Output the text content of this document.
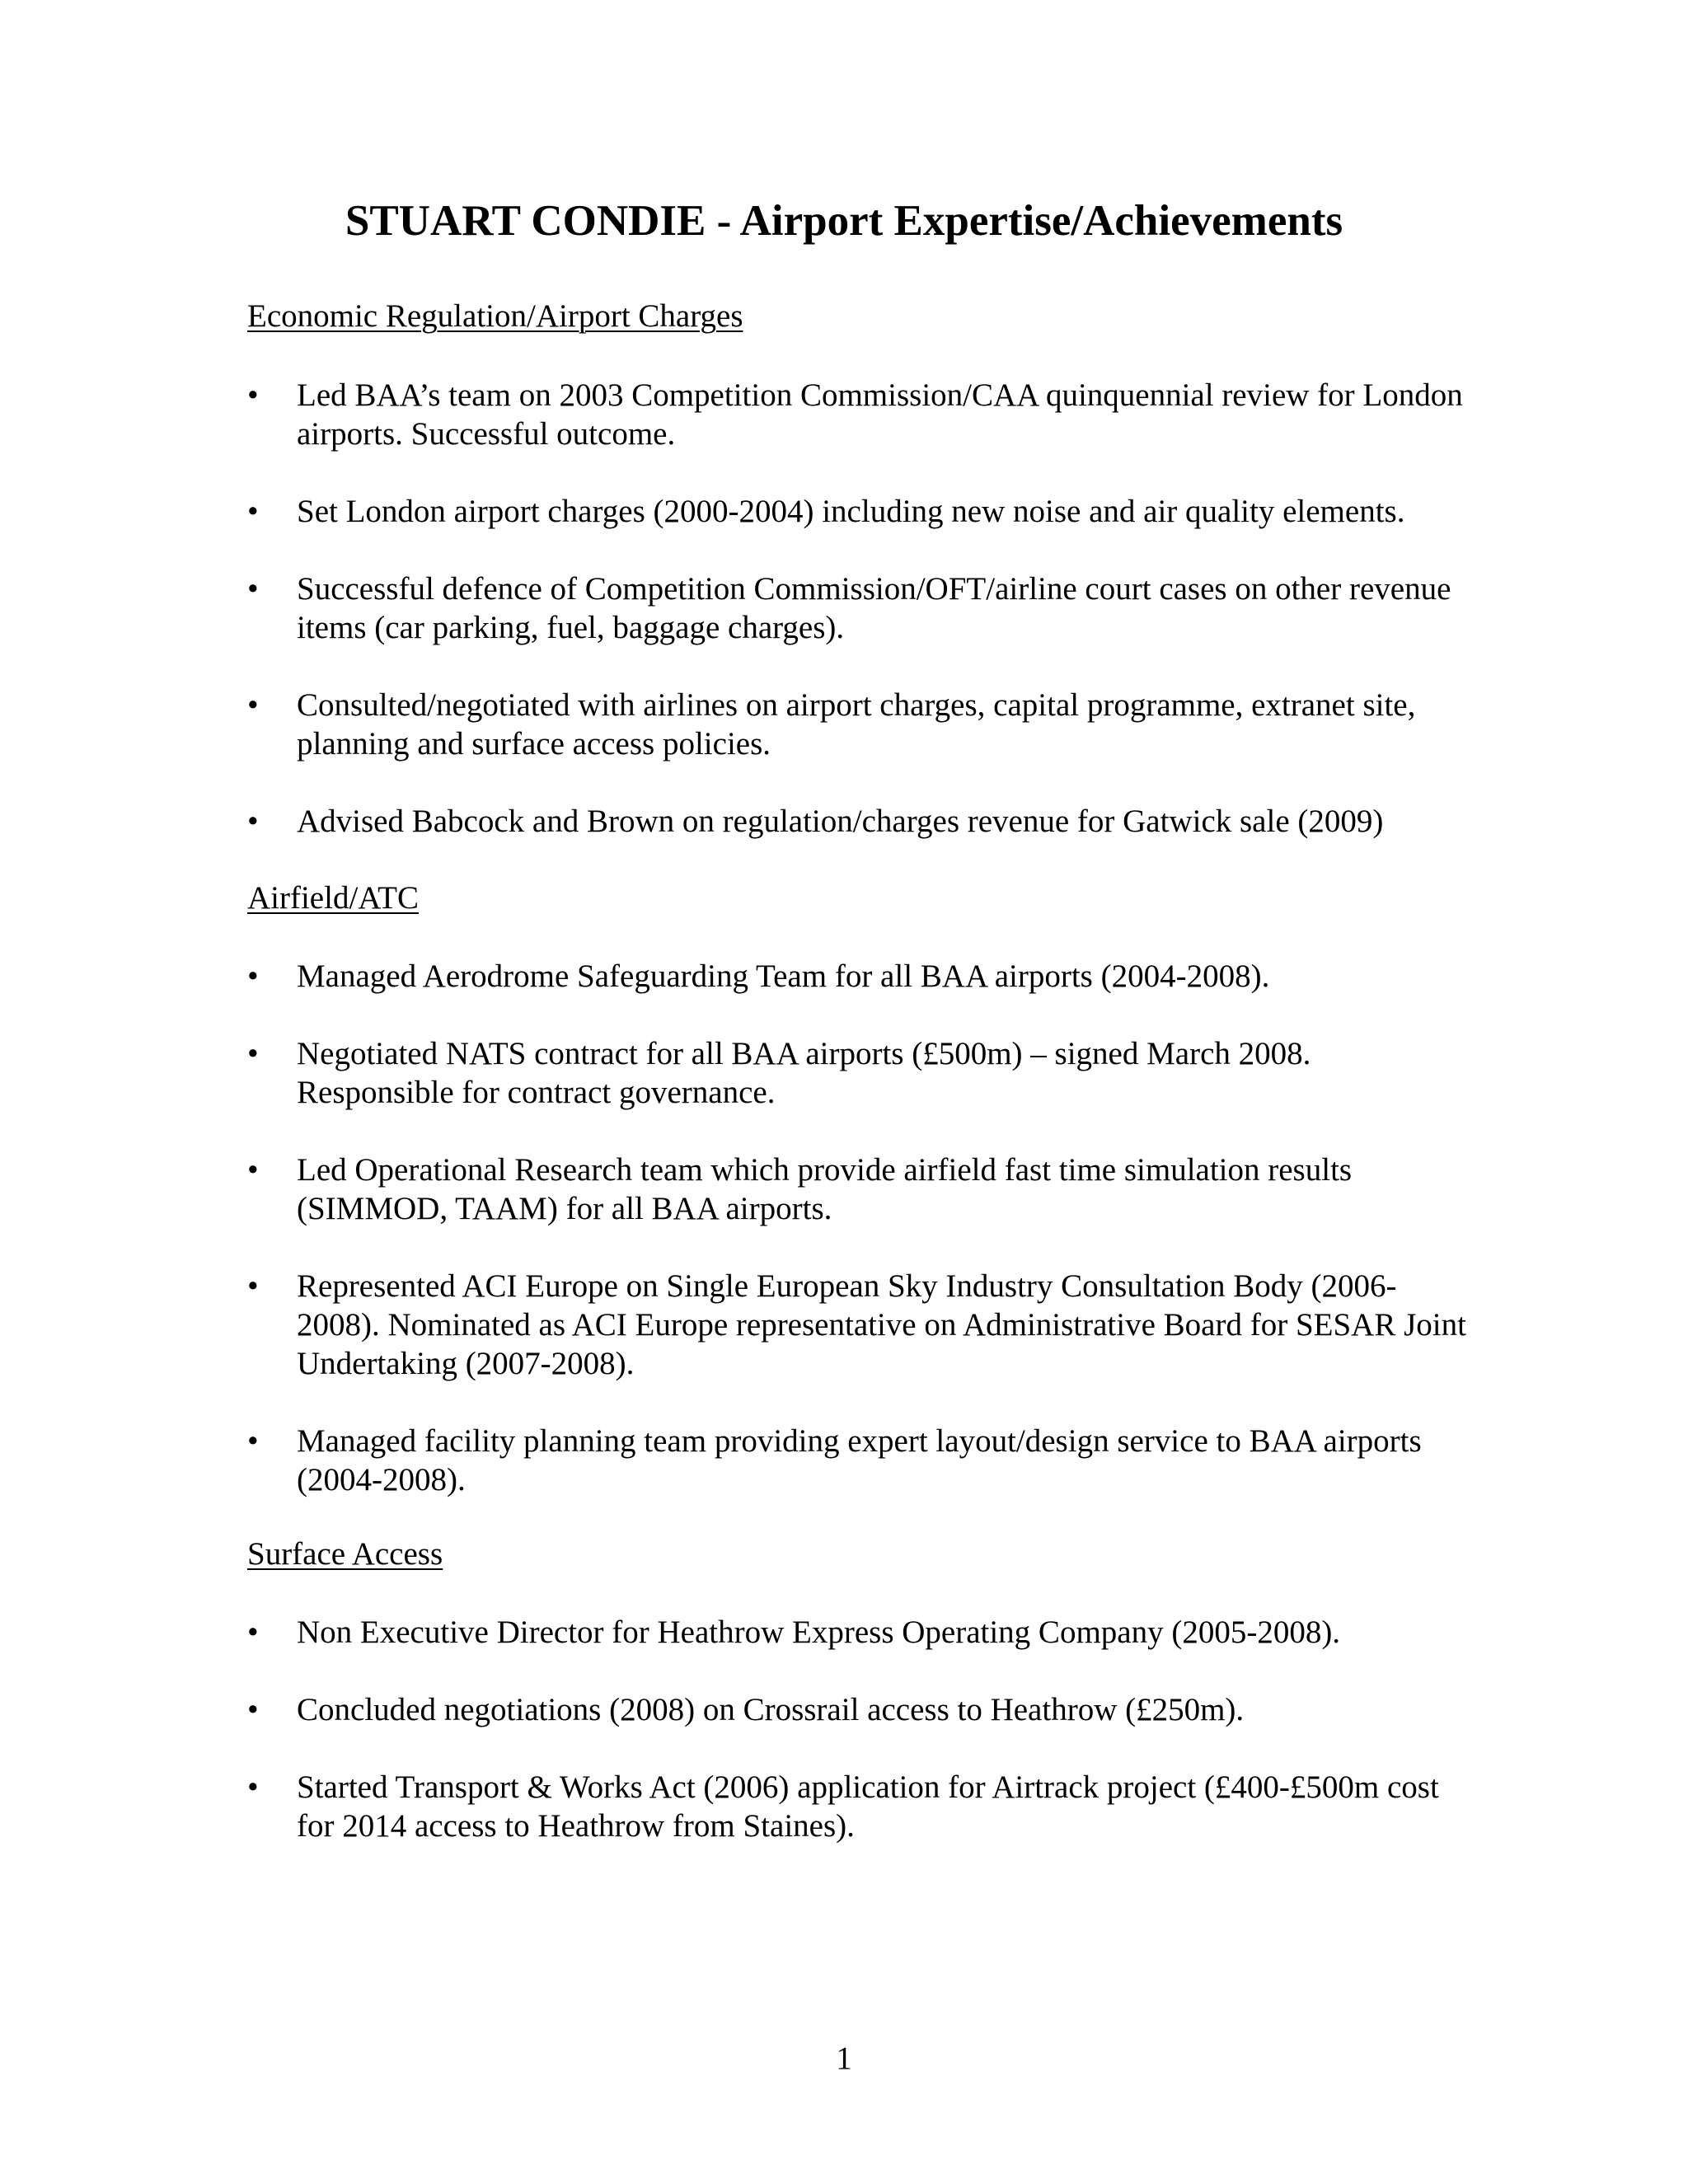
STUART CONDIE - Airport Expertise/Achievements
Economic Regulation/Airport Charges
•	Led BAA’s team on 2003 Competition Commission/CAA quinquennial review for London airports. Successful outcome.
•	Set London airport charges (2000-2004) including new noise and air quality elements.
•	Successful defence of Competition Commission/OFT/airline court cases on other revenue items (car parking, fuel, baggage charges).
•	Consulted/negotiated with airlines on airport charges, capital programme, extranet site, planning and surface access policies.
•	Advised Babcock and Brown on regulation/charges revenue for Gatwick sale (2009)
Airfield/ATC
•	Managed Aerodrome Safeguarding Team for all BAA airports (2004-2008).
•	Negotiated NATS contract for all BAA airports (£500m) – signed March 2008. Responsible for contract governance.
•	Led Operational Research team which provide airfield fast time simulation results (SIMMOD, TAAM) for all BAA airports.
•	Represented ACI Europe on Single European Sky Industry Consultation Body (2006-2008). Nominated as ACI Europe representative on Administrative Board for SESAR Joint Undertaking (2007-2008).
•	Managed facility planning team providing expert layout/design service to BAA airports (2004-2008).
Surface Access
•	Non Executive Director for Heathrow Express Operating Company (2005-2008).
•	Concluded negotiations (2008) on Crossrail access to Heathrow (£250m).
•	Started Transport & Works Act (2006) application for Airtrack project (£400-£500m cost for 2014 access to Heathrow from Staines).
1
